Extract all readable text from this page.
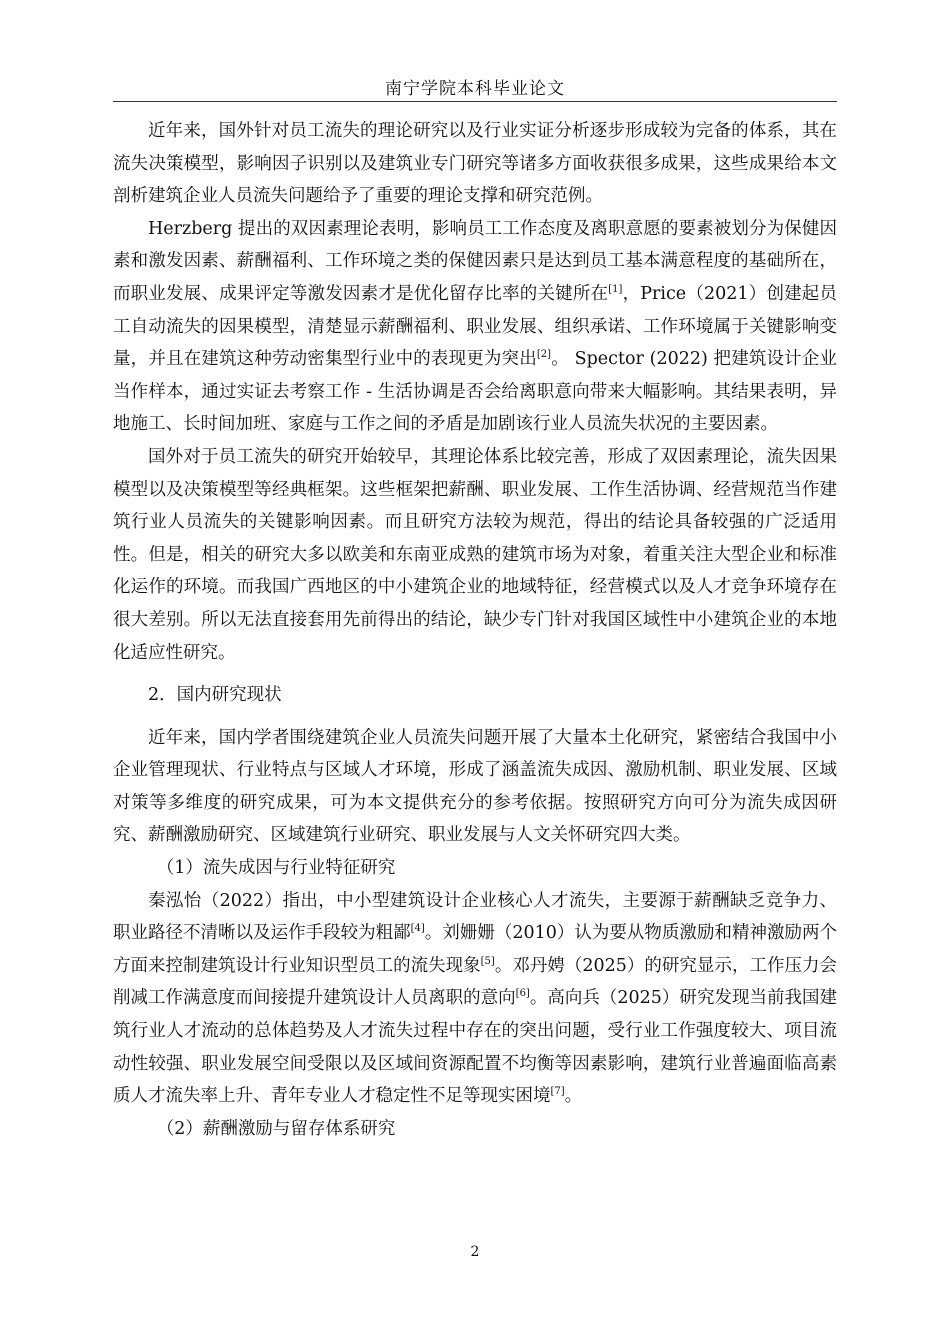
南宁学院本科毕业论文

近年来，国外针对员工流失的理论研究以及行业实证分析逐步形成较为完备的体系，其在流失决策模型，影响因子识别以及建筑业专门研究等诸多方面收获很多成果，这些成果给本文剖析建筑企业人员流失问题给予了重要的理论支撑和研究范例。

Herzberg 提出的双因素理论表明，影响员工工作态度及离职意愿的要素被划分为保健因素和激发因素、薪酬福利、工作环境之类的保健因素只是达到员工基本满意程度的基础所在，而职业发展、成果评定等激发因素才是优化留存比率的关键所在[1]，Price（2021）创建起员工自动流失的因果模型，清楚显示薪酬福利、职业发展、组织承诺、工作环境属于关键影响变量，并且在建筑这种劳动密集型行业中的表现更为突出[2]。 Spector (2022) 把建筑设计企业当作样本，通过实证去考察工作 - 生活协调是否会给离职意向带来大幅影响。其结果表明，异地施工、长时间加班、家庭与工作之间的矛盾是加剧该行业人员流失状况的主要因素。

国外对于员工流失的研究开始较早，其理论体系比较完善，形成了双因素理论，流失因果模型以及决策模型等经典框架。这些框架把薪酬、职业发展、工作生活协调、经营规范当作建筑行业人员流失的关键影响因素。而且研究方法较为规范，得出的结论具备较强的广泛适用性。但是，相关的研究大多以欧美和东南亚成熟的建筑市场为对象，着重关注大型企业和标准化运作的环境。而我国广西地区的中小建筑企业的地域特征，经营模式以及人才竞争环境存在很大差别。所以无法直接套用先前得出的结论，缺少专门针对我国区域性中小建筑企业的本地化适应性研究。

2．国内研究现状

近年来，国内学者围绕建筑企业人员流失问题开展了大量本土化研究，紧密结合我国中小企业管理现状、行业特点与区域人才环境，形成了涵盖流失成因、激励机制、职业发展、区域对策等多维度的研究成果，可为本文提供充分的参考依据。按照研究方向可分为流失成因研究、薪酬激励研究、区域建筑行业研究、职业发展与人文关怀研究四大类。

（1）流失成因与行业特征研究

秦泓怡（2022）指出，中小型建筑设计企业核心人才流失，主要源于薪酬缺乏竞争力、职业路径不清晰以及运作手段较为粗鄙[4]。刘姗姗（2010）认为要从物质激励和精神激励两个方面来控制建筑设计行业知识型员工的流失现象[5]。邓丹娉（2025）的研究显示，工作压力会削减工作满意度而间接提升建筑设计人员离职的意向[6]。高向兵（2025）研究发现当前我国建筑行业人才流动的总体趋势及人才流失过程中存在的突出问题，受行业工作强度较大、项目流动性较强、职业发展空间受限以及区域间资源配置不均衡等因素影响，建筑行业普遍面临高素质人才流失率上升、青年专业人才稳定性不足等现实困境[7]。

（2）薪酬激励与留存体系研究

2
